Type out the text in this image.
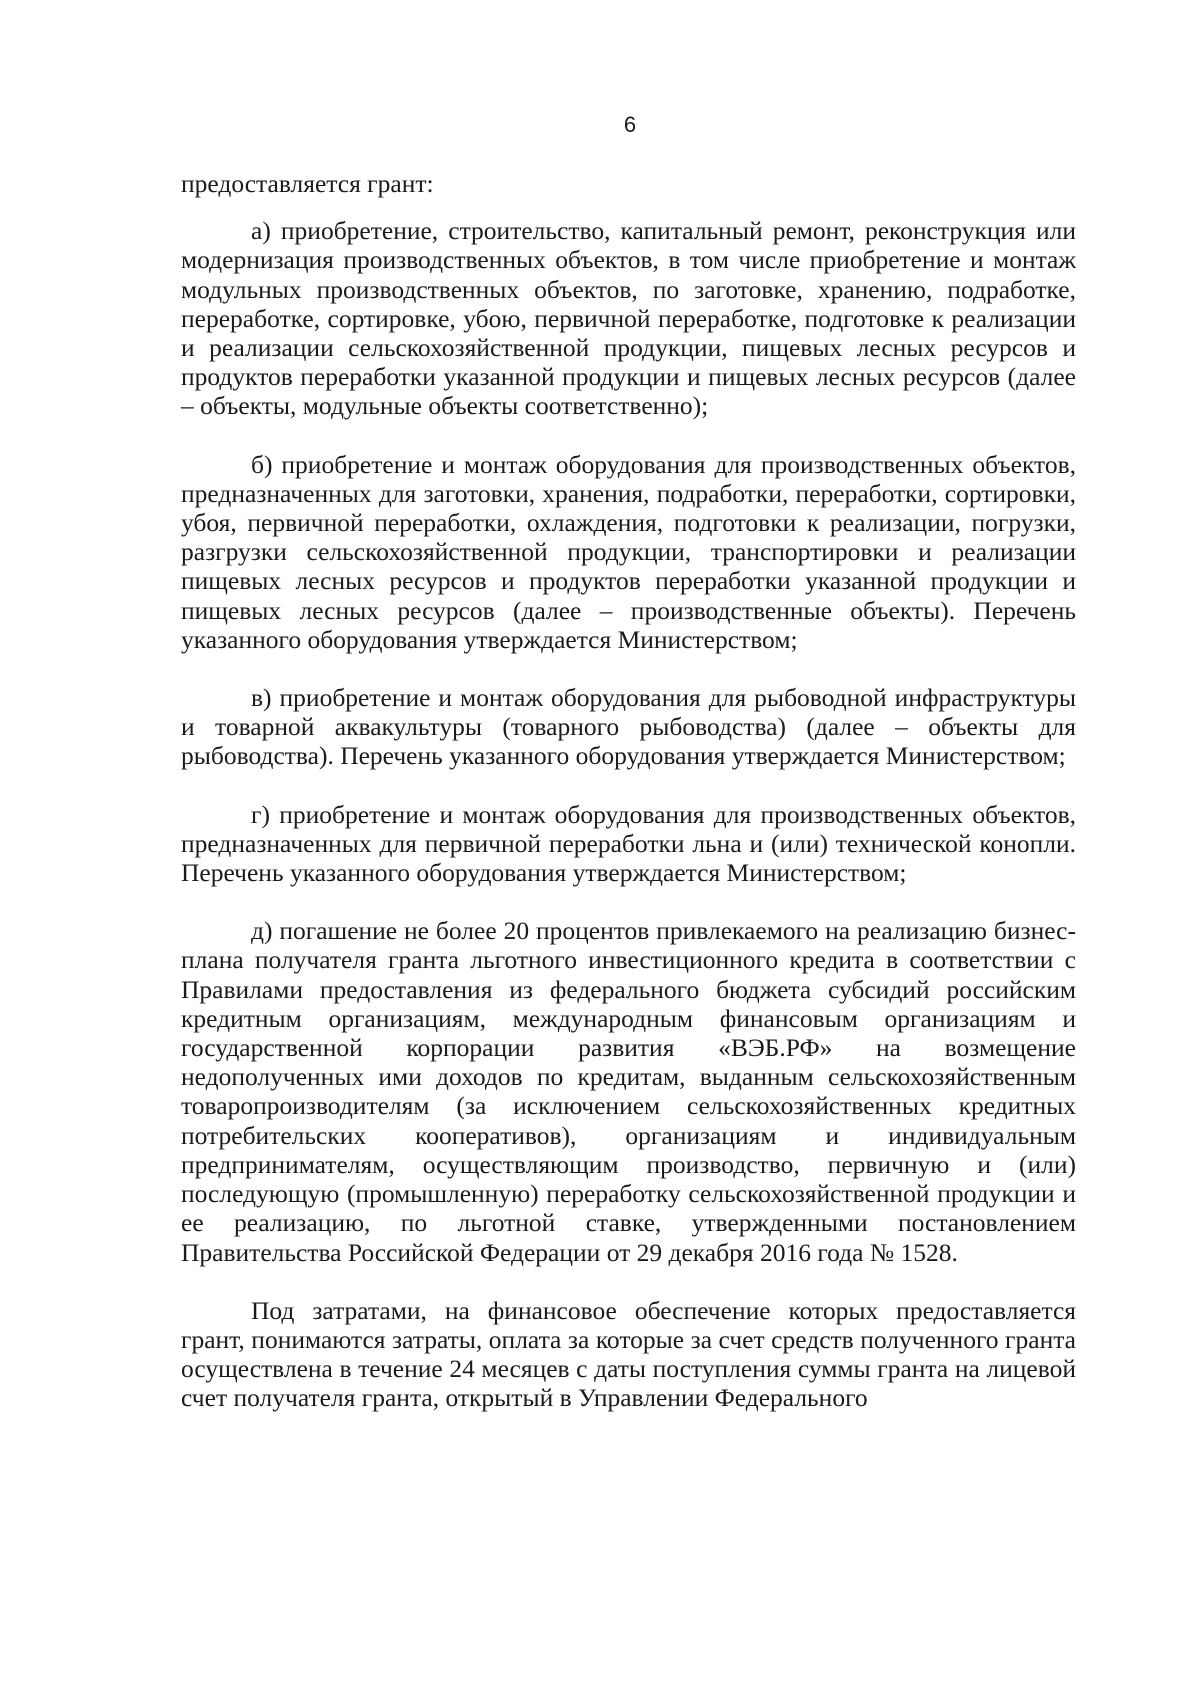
6

предоставляется грант:

а) приобретение, строительство, капитальный ремонт, реконструкция или модернизация производственных объектов, в том числе приобретение и монтаж модульных производственных объектов, по заготовке, хранению, подработке, переработке, сортировке, убою, первичной переработке, подготовке к реализации и реализации сельскохозяйственной продукции, пищевых лесных ресурсов и продуктов переработки указанной продукции и пищевых лесных ресурсов (далее – объекты, модульные объекты соответственно);

б) приобретение и монтаж оборудования для производственных объектов, предназначенных для заготовки, хранения, подработки, переработки, сортировки, убоя, первичной переработки, охлаждения, подготовки к реализации, погрузки, разгрузки сельскохозяйственной продукции, транспортировки и реализации пищевых лесных ресурсов и продуктов переработки указанной продукции и пищевых лесных ресурсов (далее – производственные объекты). Перечень указанного оборудования утверждается Министерством;

в) приобретение и монтаж оборудования для рыбоводной инфраструктуры и товарной аквакультуры (товарного рыбоводства) (далее – объекты для рыбоводства). Перечень указанного оборудования утверждается Министерством;

г) приобретение и монтаж оборудования для производственных объектов, предназначенных для первичной переработки льна и (или) технической конопли. Перечень указанного оборудования утверждается Министерством;

д) погашение не более 20 процентов привлекаемого на реализацию бизнес-плана получателя гранта льготного инвестиционного кредита в соответствии с Правилами предоставления из федерального бюджета субсидий российским кредитным организациям, международным финансовым организациям и государственной корпорации развития «ВЭБ.РФ» на возмещение недополученных ими доходов по кредитам, выданным сельскохозяйственным товаропроизводителям (за исключением сельскохозяйственных кредитных потребительских кооперативов), организациям и индивидуальным предпринимателям, осуществляющим производство, первичную и (или) последующую (промышленную) переработку сельскохозяйственной продукции и ее реализацию, по льготной ставке, утвержденными постановлением Правительства Российской Федерации от 29 декабря 2016 года № 1528.

Под затратами, на финансовое обеспечение которых предоставляется грант, понимаются затраты, оплата за которые за счет средств полученного гранта осуществлена в течение 24 месяцев с даты поступления суммы гранта на лицевой счет получателя гранта, открытый в Управлении Федерального
